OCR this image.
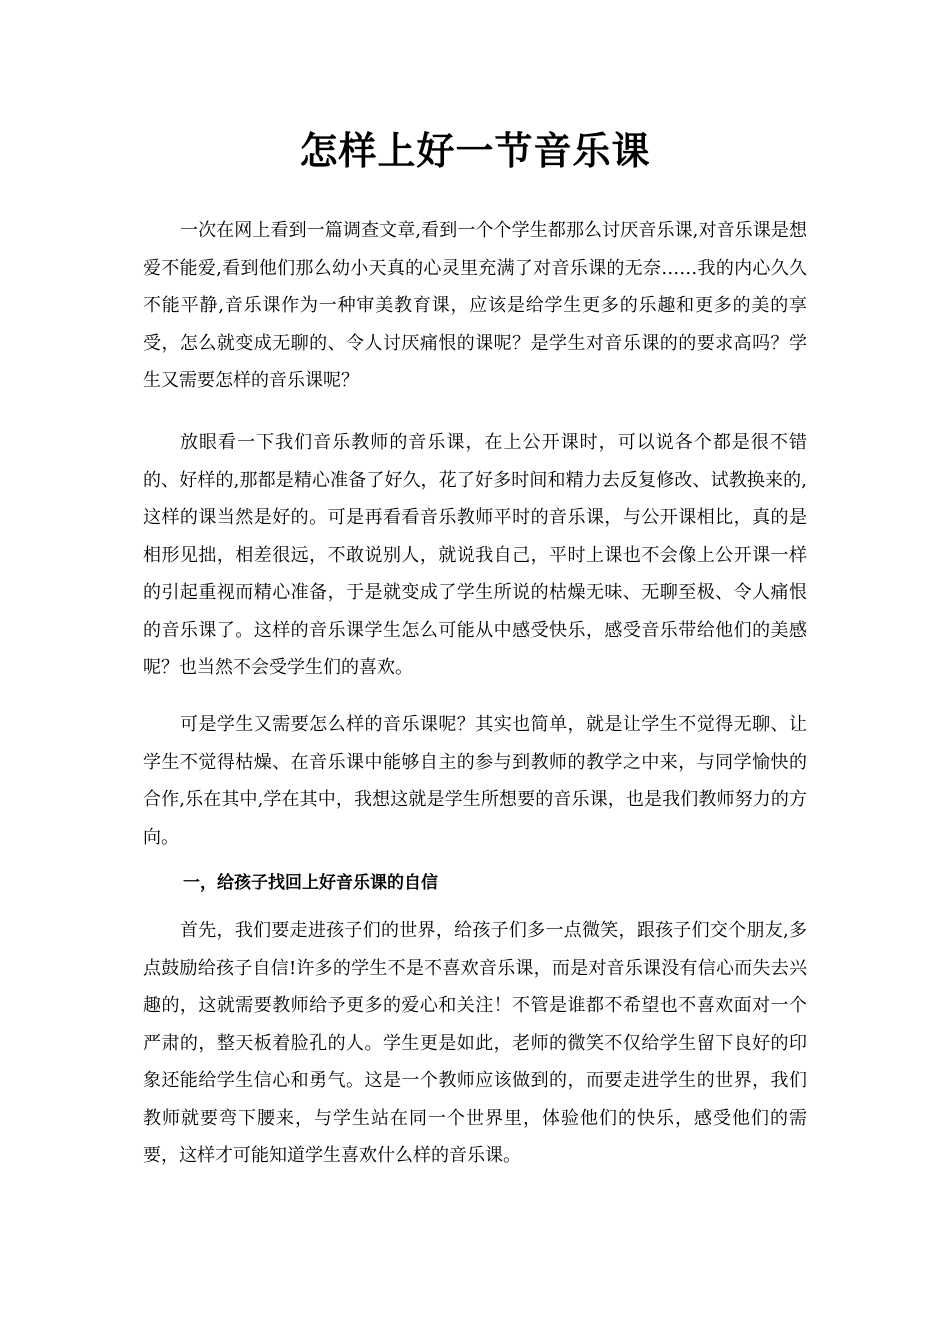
怎样上好一节音乐课

一次在网上看到一篇调查文章,看到一个个学生都那么讨厌音乐课,对音乐课是想爱不能爱,看到他们那么幼小天真的心灵里充满了对音乐课的无奈……我的内心久久不能平静,音乐课作为一种审美教育课，应该是给学生更多的乐趣和更多的美的享受，怎么就变成无聊的、令人讨厌痛恨的课呢？是学生对音乐课的的要求高吗？学生又需要怎样的音乐课呢？

放眼看一下我们音乐教师的音乐课，在上公开课时，可以说各个都是很不错的、好样的,那都是精心准备了好久，花了好多时间和精力去反复修改、试教换来的,这样的课当然是好的。可是再看看音乐教师平时的音乐课，与公开课相比，真的是相形见拙，相差很远，不敢说别人，就说我自己，平时上课也不会像上公开课一样的引起重视而精心准备，于是就变成了学生所说的枯燥无味、无聊至极、令人痛恨的音乐课了。这样的音乐课学生怎么可能从中感受快乐，感受音乐带给他们的美感呢？也当然不会受学生们的喜欢。

可是学生又需要怎么样的音乐课呢？其实也简单，就是让学生不觉得无聊、让学生不觉得枯燥、在音乐课中能够自主的参与到教师的教学之中来，与同学愉快的合作,乐在其中,学在其中，我想这就是学生所想要的音乐课，也是我们教师努力的方向。

一，给孩子找回上好音乐课的自信

首先，我们要走进孩子们的世界，给孩子们多一点微笑，跟孩子们交个朋友,多点鼓励给孩子自信!许多的学生不是不喜欢音乐课，而是对音乐课没有信心而失去兴趣的，这就需要教师给予更多的爱心和关注！不管是谁都不希望也不喜欢面对一个严肃的，整天板着脸孔的人。学生更是如此，老师的微笑不仅给学生留下良好的印象还能给学生信心和勇气。这是一个教师应该做到的，而要走进学生的世界，我们教师就要弯下腰来，与学生站在同一个世界里，体验他们的快乐，感受他们的需要，这样才可能知道学生喜欢什么样的音乐课。
